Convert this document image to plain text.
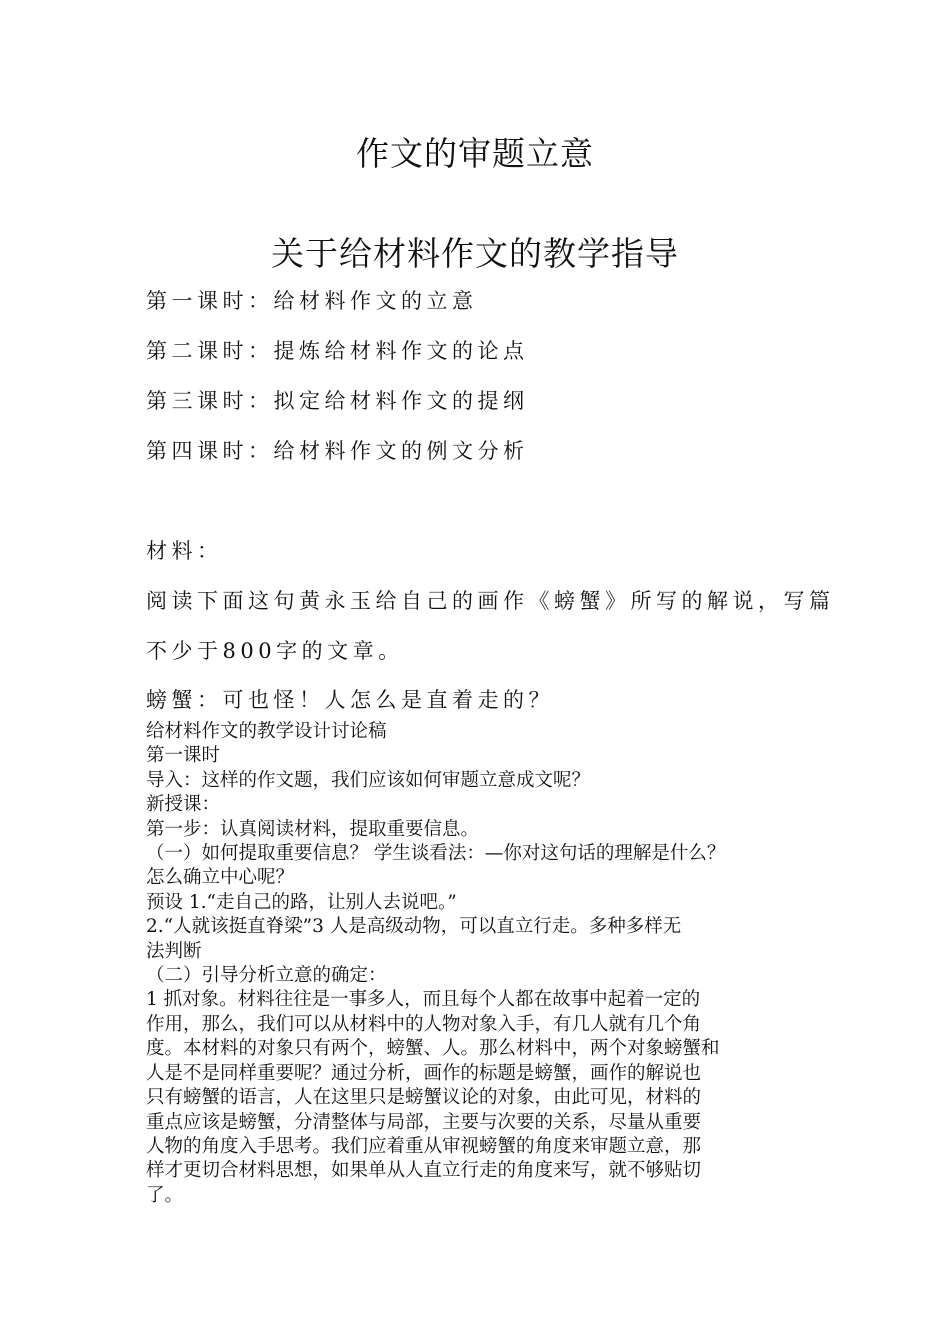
作文的审题立意
关于给材料作文的教学指导
第一课时：给材料作文的立意
第二课时：提炼给材料作文的论点
第三课时：拟定给材料作文的提纲
第四课时：给材料作文的例文分析

材料：

阅读下面这句黄永玉给自己的画作《螃蟹》所写的解说，写篇

不少于800字的文章。

螃蟹：可也怪！人怎么是直着走的？

给材料作文的教学设计讨论稿

第一课时

导入：这样的作文题，我们应该如何审题立意成文呢？

新授课：

第一步：认真阅读材料，提取重要信息。

（一）如何提取重要信息？ 学生谈看法：—你对这句话的理解是什么？

怎么确立中心呢？

预设 1.“走自己的路，让别人去说吧。”

2.“人就该挺直脊梁”3 人是高级动物，可以直立行走。多种多样无

法判断

（二）引导分析立意的确定：

1 抓对象。材料往往是一事多人，而且每个人都在故事中起着一定的

作用，那么，我们可以从材料中的人物对象入手，有几人就有几个角

度。本材料的对象只有两个，螃蟹、人。那么材料中，两个对象螃蟹和

人是不是同样重要呢？通过分析，画作的标题是螃蟹，画作的解说也

只有螃蟹的语言，人在这里只是螃蟹议论的对象，由此可见，材料的

重点应该是螃蟹，分清整体与局部，主要与次要的关系，尽量从重要

人物的角度入手思考。我们应着重从审视螃蟹的角度来审题立意，那

样才更切合材料思想，如果单从人直立行走的角度来写，就不够贴切

了。
